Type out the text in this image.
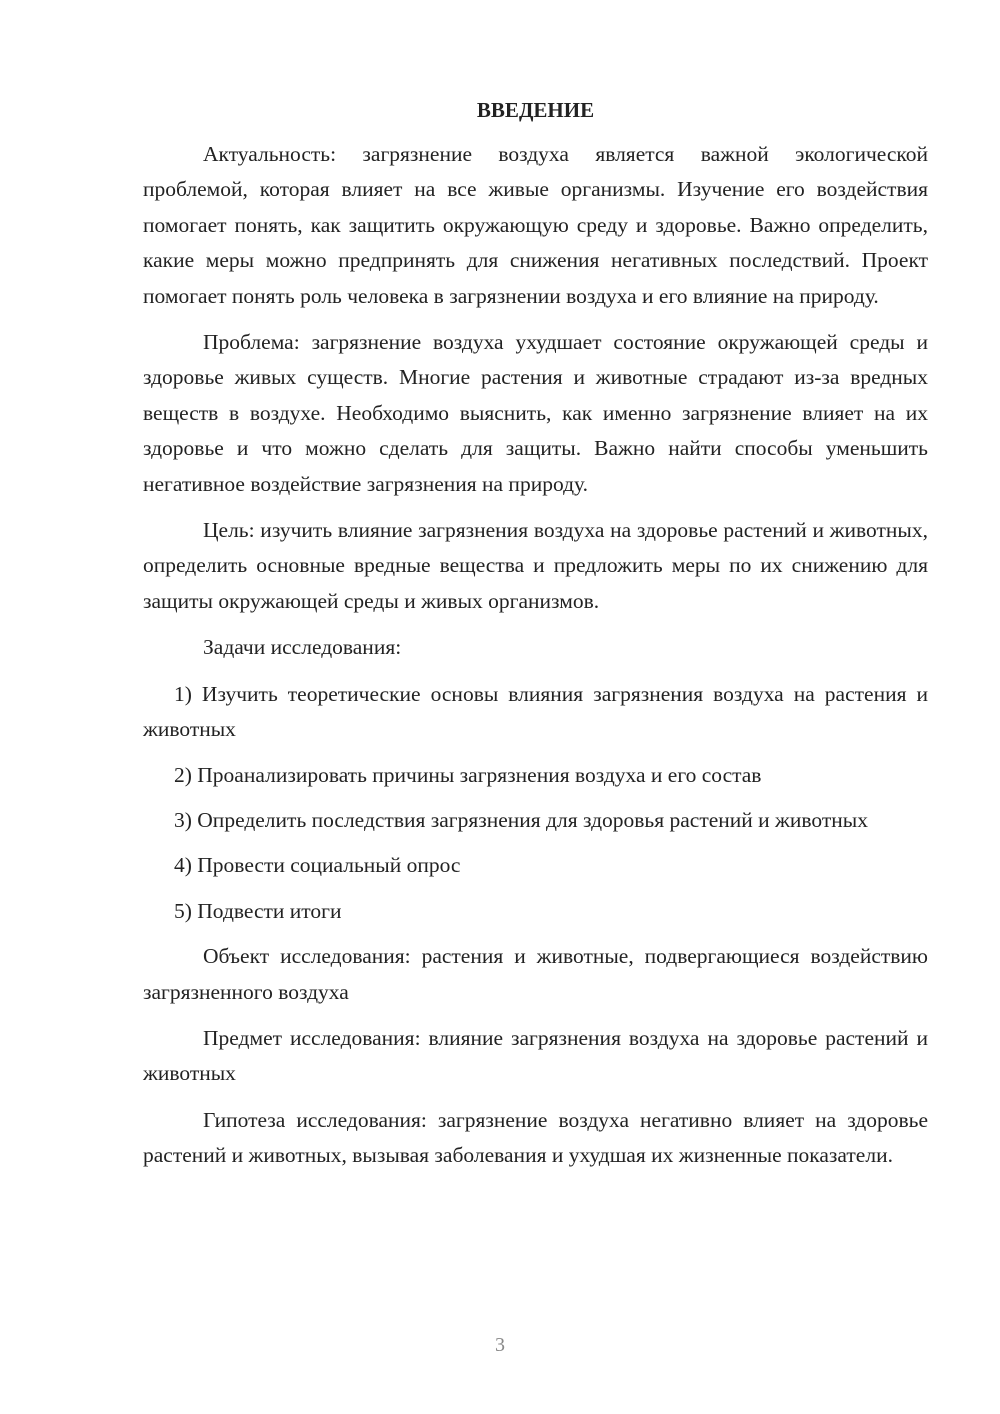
ВВЕДЕНИЕ
Актуальность: загрязнение воздуха является важной экологической проблемой, которая влияет на все живые организмы. Изучение его воздействия помогает понять, как защитить окружающую среду и здоровье. Важно определить, какие меры можно предпринять для снижения негативных последствий. Проект помогает понять роль человека в загрязнении воздуха и его влияние на природу.
Проблема: загрязнение воздуха ухудшает состояние окружающей среды и здоровье живых существ. Многие растения и животные страдают из-за вредных веществ в воздухе. Необходимо выяснить, как именно загрязнение влияет на их здоровье и что можно сделать для защиты. Важно найти способы уменьшить негативное воздействие загрязнения на природу.
Цель: изучить влияние загрязнения воздуха на здоровье растений и животных, определить основные вредные вещества и предложить меры по их снижению для защиты окружающей среды и живых организмов.
Задачи исследования:
1) Изучить теоретические основы влияния загрязнения воздуха на растения и животных
2) Проанализировать причины загрязнения воздуха и его состав
3) Определить последствия загрязнения для здоровья растений и животных
4) Провести социальный опрос
5) Подвести итоги
Объект исследования: растения и животные, подвергающиеся воздействию загрязненного воздуха
Предмет исследования: влияние загрязнения воздуха на здоровье растений и животных
Гипотеза исследования: загрязнение воздуха негативно влияет на здоровье растений и животных, вызывая заболевания и ухудшая их жизненные показатели.
3
